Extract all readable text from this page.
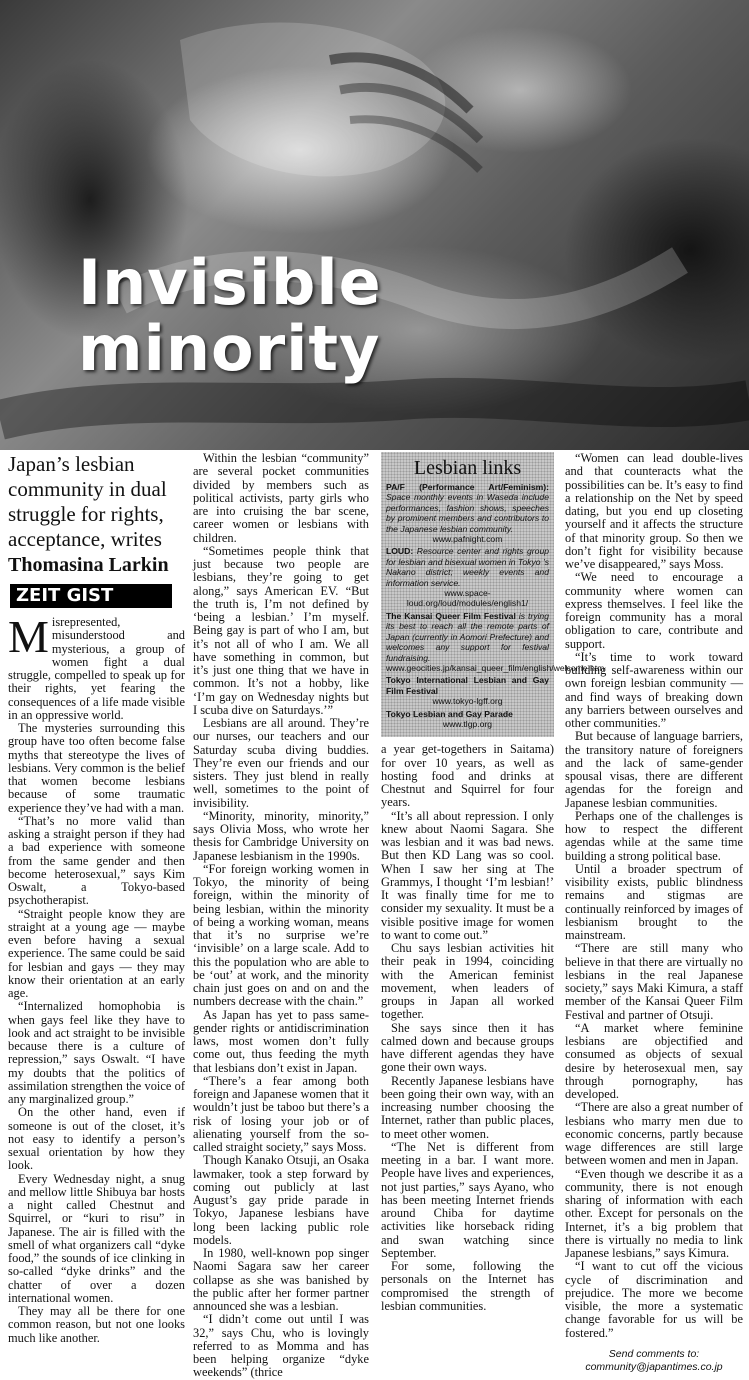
Invisible
minority
Japan’s lesbian community in dual struggle for rights, acceptance, writes
Thomasina Larkin
ZEIT GIST

Misrepresented, misunderstood and mysterious, a group of women fight a dual struggle, compelled to speak up for their rights, yet fearing the consequences of a life made visible in an oppressive world.

The mysteries surrounding this group have too often become false myths that stereotype the lives of lesbians. Very common is the belief that women become lesbians because of some traumatic experience they’ve had with a man.

“That’s no more valid than asking a straight person if they had a bad experience with someone from the same gender and then become heterosexual,” says Kim Oswalt, a Tokyo-based psychotherapist.

“Straight people know they are straight at a young age — maybe even before having a sexual experience. The same could be said for lesbian and gays — they may know their orientation at an early age.

“Internalized homophobia is when gays feel like they have to look and act straight to be invisible because there is a culture of repression,” says Oswalt. “I have my doubts that the politics of assimilation strengthen the voice of any marginalized group.”

On the other hand, even if someone is out of the closet, it’s not easy to identify a person’s sexual orientation by how they look.

Every Wednesday night, a snug and mellow little Shibuya bar hosts a night called Chestnut and Squirrel, or “kuri to risu” in Japanese. The air is filled with the smell of what organizers call “dyke food,” the sounds of ice clinking in so-called “dyke drinks” and the chatter of over a dozen international women.

They may all be there for one common reason, but not one looks much like another.

Within the lesbian “community” are several pocket communities divided by members such as political activists, party girls who are into cruising the bar scene, career women or lesbians with children.

“Sometimes people think that just because two people are lesbians, they’re going to get along,” says American EV. “But the truth is, I’m not defined by ‘being a lesbian.’ I’m myself. Being gay is part of who I am, but it’s not all of who I am. We all have something in common, but it’s just one thing that we have in common. It’s not a hobby, like ‘I’m gay on Wednesday nights but I scuba dive on Saturdays.’”

Lesbians are all around. They’re our nurses, our teachers and our Saturday scuba diving buddies. They’re even our friends and our sisters. They just blend in really well, sometimes to the point of invisibility.

“Minority, minority, minority,” says Olivia Moss, who wrote her thesis for Cambridge University on Japanese lesbianism in the 1990s.

“For foreign working women in Tokyo, the minority of being foreign, within the minority of being lesbian, within the minority of being a working woman, means that it’s no surprise we’re ‘invisible’ on a large scale. Add to this the population who are able to be ‘out’ at work, and the minority chain just goes on and on and the numbers decrease with the chain.”

As Japan has yet to pass same-gender rights or antidiscrimination laws, most women don’t fully come out, thus feeding the myth that lesbians don’t exist in Japan.

“There’s a fear among both foreign and Japanese women that it wouldn’t just be taboo but there’s a risk of losing your job or of alienating yourself from the so-called straight society,” says Moss.

Though Kanako Otsuji, an Osaka lawmaker, took a step forward by coming out publicly at last August’s gay pride parade in Tokyo, Japanese lesbians have long been lacking public role models.

In 1980, well-known pop singer Naomi Sagara saw her career collapse as she was banished by the public after her former partner announced she was a lesbian.

“I didn’t come out until I was 32,” says Chu, who is lovingly referred to as Momma and has been helping organize “dyke weekends” (thrice

Lesbian links
PA/F (Performance Art/Feminism): Space monthly events in Waseda include performances, fashion shows, speeches by prominent members and contributors to the Japanese lesbian community.
www.pafnight.com
LOUD: Resource center and rights group for lesbian and bisexual women in Tokyo ’s Nakano district; weekly events and information service.
www.space-loud.org/loud/modules/english1/
The Kansai Queer Film Festival is trying its best to reach all the remote parts of Japan (currently in Aomori Prefecture) and welcomes any support for festival fundraising.
www.geocities.jp/kansai_queer_film/english/welcome.htm
Tokyo International Lesbian and Gay Film Festival
www.tokyo-lgff.org
Tokyo Lesbian and Gay Parade
www.tlgp.org

a year get-togethers in Saitama) for over 10 years, as well as hosting food and drinks at Chestnut and Squirrel for four years.

“It’s all about repression. I only knew about Naomi Sagara. She was lesbian and it was bad news. But then KD Lang was so cool. When I saw her sing at The Grammys, I thought ‘I’m lesbian!’ It was finally time for me to consider my sexuality. It must be a visible positive image for women to want to come out.”

Chu says lesbian activities hit their peak in 1994, coinciding with the American feminist movement, when leaders of groups in Japan all worked together.

She says since then it has calmed down and because groups have different agendas they have gone their own ways.

Recently Japanese lesbians have been going their own way, with an increasing number choosing the Internet, rather than public places, to meet other women.

“The Net is different from meeting in a bar. I want more. People have lives and experiences, not just parties,” says Ayano, who has been meeting Internet friends around Chiba for daytime activities like horseback riding and swan watching since September.

For some, following the personals on the Internet has compromised the strength of lesbian communities.

“Women can lead double-lives and that counteracts what the possibilities can be. It’s easy to find a relationship on the Net by speed dating, but you end up closeting yourself and it affects the structure of that minority group. So then we don’t fight for visibility because we’ve disappeared,” says Moss.

“We need to encourage a community where women can express themselves. I feel like the foreign community has a moral obligation to care, contribute and support.

“It’s time to work toward building self-awareness within our own foreign lesbian community — and find ways of breaking down any barriers between ourselves and other communities.”

But because of language barriers, the transitory nature of foreigners and the lack of same-gender spousal visas, there are different agendas for the foreign and Japanese lesbian communities.

Perhaps one of the challenges is how to respect the different agendas while at the same time building a strong political base.

Until a broader spectrum of visibility exists, public blindness remains and stigmas are continually reinforced by images of lesbianism brought to the mainstream.

“There are still many who believe in that there are virtually no lesbians in the real Japanese society,” says Maki Kimura, a staff member of the Kansai Queer Film Festival and partner of Otsuji.

“A market where feminine lesbians are objectified and consumed as objects of sexual desire by heterosexual men, say through pornography, has developed.

“There are also a great number of lesbians who marry men due to economic concerns, partly because wage differences are still large between women and men in Japan.

“Even though we describe it as a community, there is not enough sharing of information with each other. Except for personals on the Internet, it’s a big problem that there is virtually no media to link Japanese lesbians,” says Kimura.

“I want to cut off the vicious cycle of discrimination and prejudice. The more we become visible, the more a systematic change favorable for us will be fostered.”

Send comments to:
community@japantimes.co.jp
